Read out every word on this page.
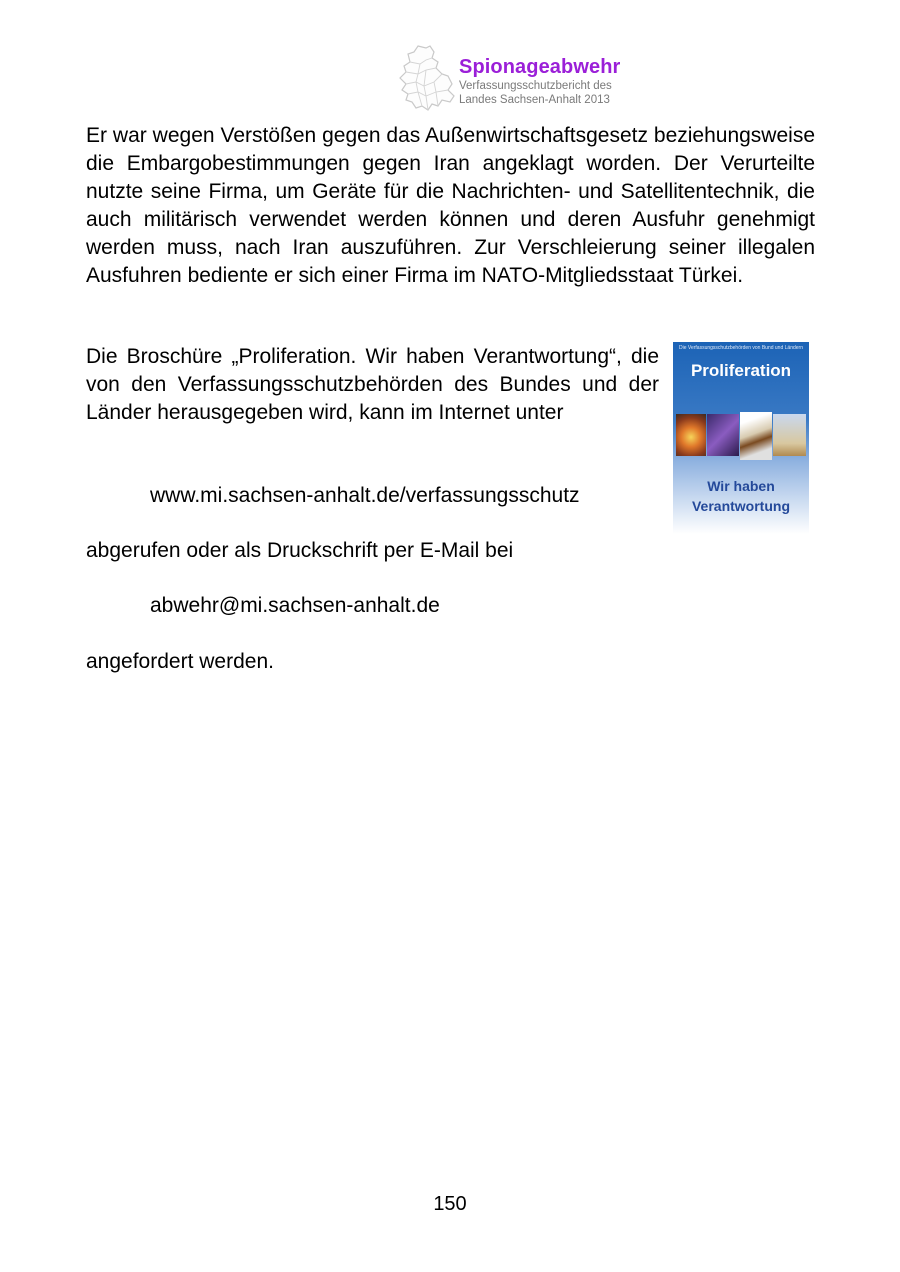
Spionageabwehr
Verfassungsschutzbericht des
Landes Sachsen-Anhalt 2013
Er war wegen Verstößen gegen das Außenwirtschaftsgesetz beziehungsweise die Embargobestimmungen gegen Iran angeklagt worden. Der Verurteilte nutzte seine Firma, um Geräte für die Nachrichten- und Satellitentechnik, die auch militärisch verwendet werden können und deren Ausfuhr genehmigt werden muss, nach Iran auszuführen. Zur Verschleierung seiner illegalen Ausfuhren bediente er sich einer Firma im NATO-Mitgliedsstaat Türkei.
Die Broschüre „Proliferation. Wir haben Verantwortung“, die von den Verfassungsschutzbehörden des Bundes und der Länder herausgegeben wird, kann im Internet unter
Die Verfassungsschutzbehörden von Bund und Ländern
Proliferation
Wir haben
Verantwortung
www.mi.sachsen-anhalt.de/verfassungsschutz
abgerufen oder als Druckschrift per E-Mail bei
abwehr@mi.sachsen-anhalt.de
angefordert werden.
150
